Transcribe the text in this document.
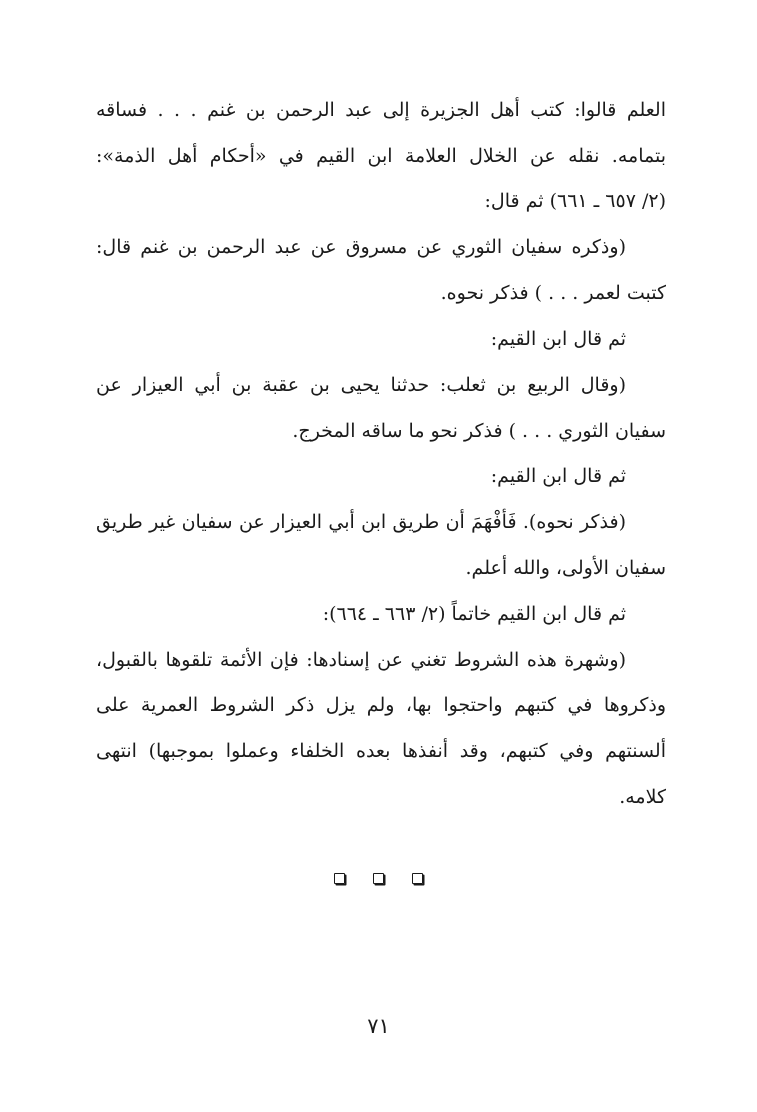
العلم قالوا: كتب أهل الجزيرة إلى عبد الرحمن بن غنم . . . فساقه
بتمامه. نقله عن الخلال العلامة ابن القيم في «أحكام أهل الذمة»:
(٢/ ٦٥٧ ـ ٦٦١) ثم قال:
(وذكره سفيان الثوري عن مسروق عن عبد الرحمن بن غنم قال:
كتبت لعمر . . . ) فذكر نحوه.
ثم قال ابن القيم:
(وقال الربيع بن ثعلب: حدثنا يحيى بن عقبة بن أبي العيزار عن
سفيان الثوري . . . ) فذكر نحو ما ساقه المخرج.
ثم قال ابن القيم:
(فذكر نحوه). فَأَفْهَمَ أن طريق ابن أبي العيزار عن سفيان غير طريق
سفيان الأولى، والله أعلم.
ثم قال ابن القيم خاتماً (٢/ ٦٦٣ ـ ٦٦٤):
(وشهرة هذه الشروط تغني عن إسنادها: فإن الأئمة تلقوها بالقبول،
وذكروها في كتبهم واحتجوا بها، ولم يزل ذكر الشروط العمرية على
ألسنتهم وفي كتبهم، وقد أنفذها بعده الخلفاء وعملوا بموجبها) انتهى
كلامه.
٧١
